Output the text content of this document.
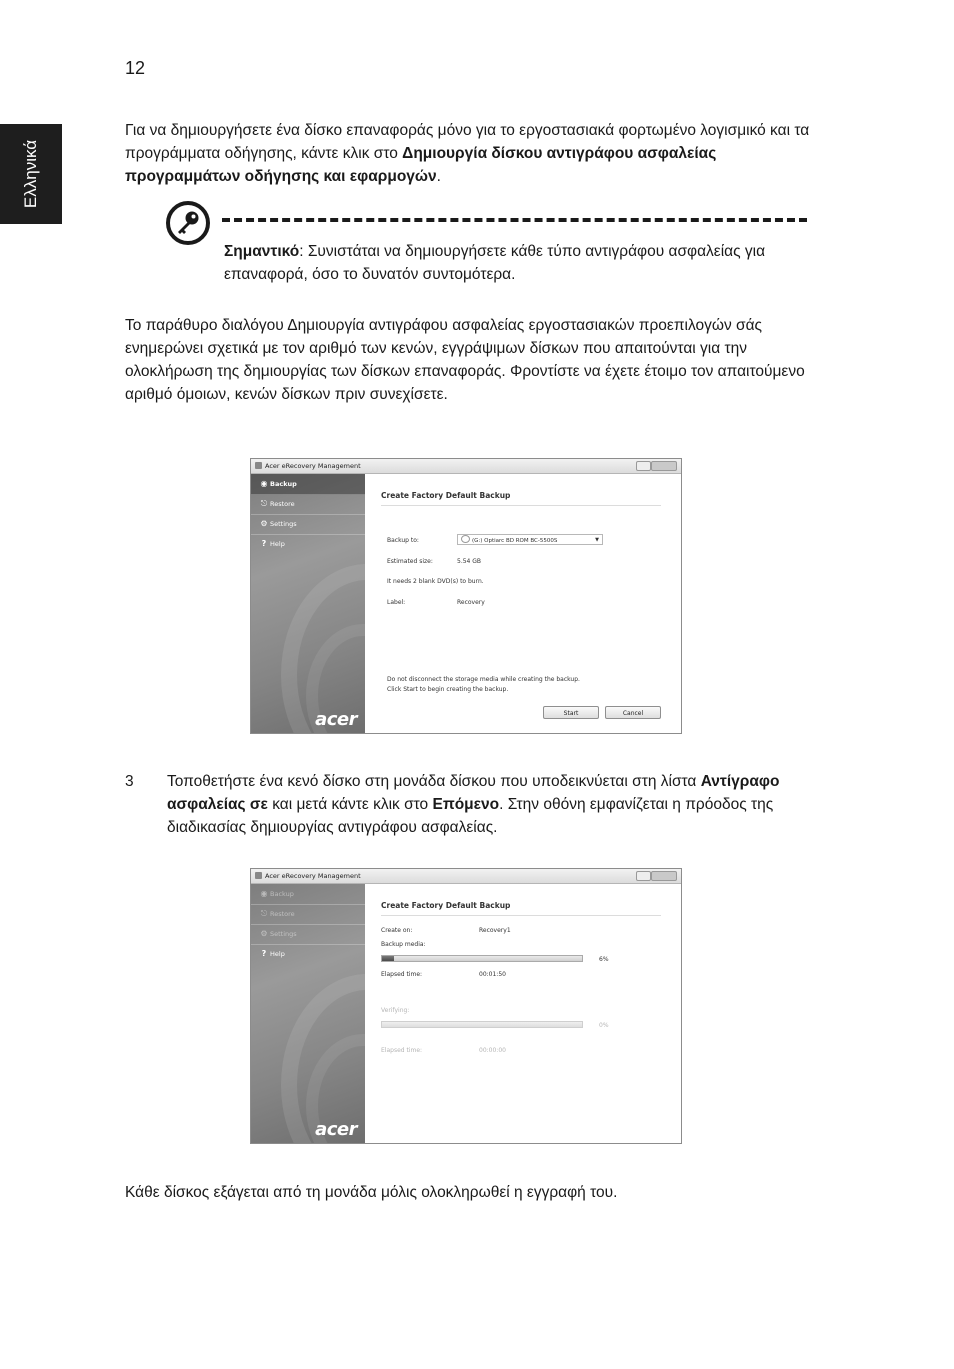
12
Ελληνικά
Για να δημιουργήσετε ένα δίσκο επαναφοράς μόνο για το εργοστασιακά φορτωμένο λογισμικό και τα προγράμματα οδήγησης, κάντε κλικ στο Δημιουργία δίσκου αντιγράφου ασφαλείας προγραμμάτων οδήγησης και εφαρμογών.
Σημαντικό: Συνιστάται να δημιουργήσετε κάθε τύπο αντιγράφου ασφαλείας για επαναφορά, όσο το δυνατόν συντομότερα.
Το παράθυρο διαλόγου Δημιουργία αντιγράφου ασφαλείας εργοστασιακών προεπιλογών σάς ενημερώνει σχετικά με τον αριθμό των κενών, εγγράψιμων δίσκων που απαιτούνται για την ολοκλήρωση της δημιουργίας των δίσκων επαναφοράς. Φροντίστε να έχετε έτοιμο τον απαιτούμενο αριθμό όμοιων, κενών δίσκων πριν συνεχίσετε.
Acer eRecovery Management
◉ Backup
⎋ Restore
⚙ Settings
? Help
acer
Create Factory Default Backup
Backup to:	(G:) Optiarc BD ROM BC-5500S	▼
Estimated size:	5.54 GB
It needs 2 blank DVD(s) to burn.
Label:	Recovery
Do not disconnect the storage media while creating the backup.
Click Start to begin creating the backup.
Start	Cancel
3 Τοποθετήστε ένα κενό δίσκο στη μονάδα δίσκου που υποδεικνύεται στη λίστα Αντίγραφο ασφαλείας σε και μετά κάντε κλικ στο Επόμενο. Στην οθόνη εμφανίζεται η πρόοδος της διαδικασίας δημιουργίας αντιγράφου ασφαλείας.
Acer eRecovery Management
◉ Backup
⎋ Restore
⚙ Settings
? Help
acer
Create Factory Default Backup
Create on:	Recovery1
Backup media:
6%
Elapsed time:	00:01:50
Verifying:
0%
Elapsed time:	00:00:00
Κάθε δίσκος εξάγεται από τη μονάδα μόλις ολοκληρωθεί η εγγραφή του.
